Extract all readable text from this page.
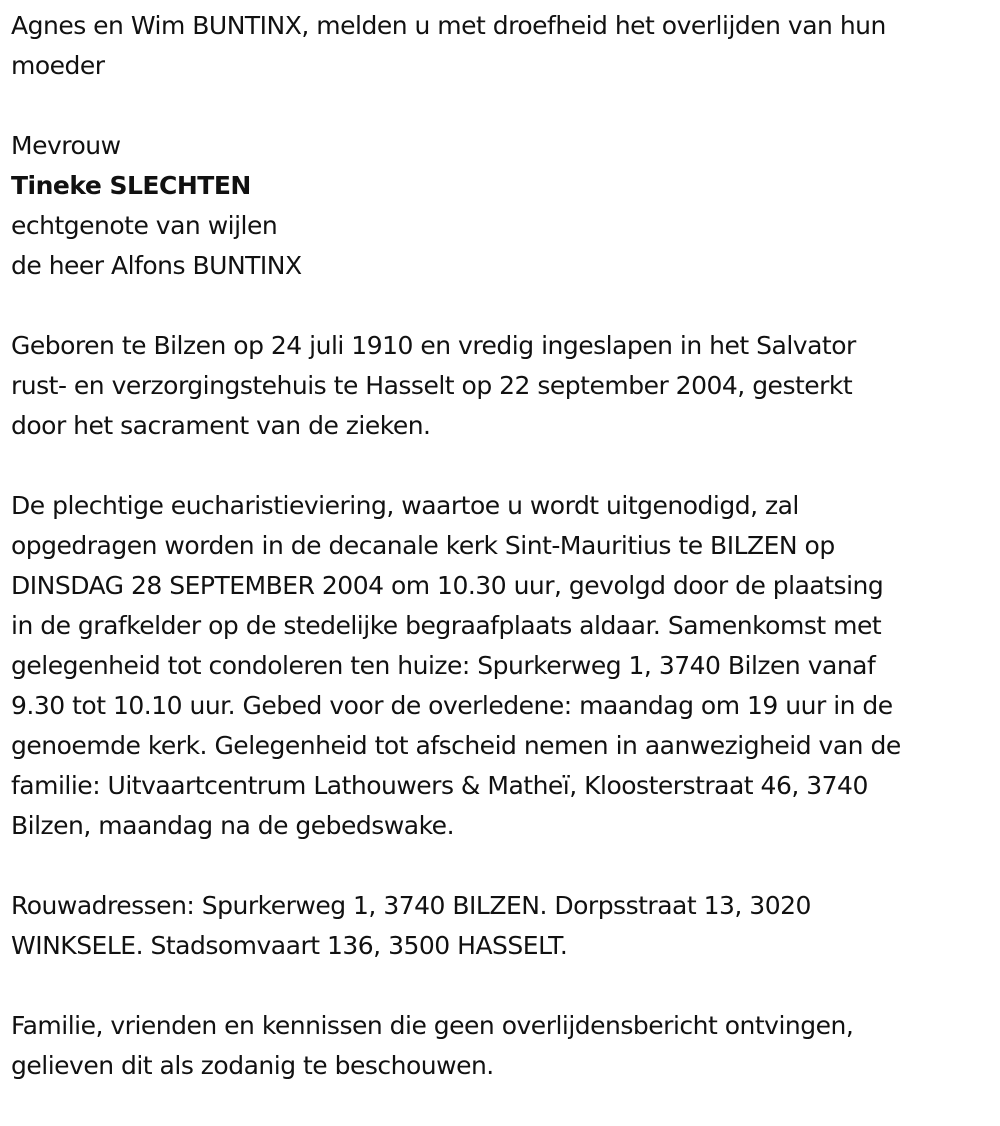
Agnes en Wim BUNTINX, melden u met droefheid het overlijden van hun
moeder

Mevrouw

Tineke SLECHTEN

echtgenote van wijlen

de heer Alfons BUNTINX

Geboren te Bilzen op 24 juli 1910 en vredig ingeslapen in het Salvator
rust- en verzorgingstehuis te Hasselt op 22 september 2004, gesterkt
door het sacrament van de zieken.

De plechtige eucharistieviering, waartoe u wordt uitgenodigd, zal
opgedragen worden in de decanale kerk Sint-Mauritius te BILZEN op
DINSDAG 28 SEPTEMBER 2004 om 10.30 uur, gevolgd door de plaatsing
in de grafkelder op de stedelijke begraafplaats aldaar. Samenkomst met
gelegenheid tot condoleren ten huize: Spurkerweg 1, 3740 Bilzen vanaf
9.30 tot 10.10 uur. Gebed voor de overledene: maandag om 19 uur in de
genoemde kerk. Gelegenheid tot afscheid nemen in aanwezigheid van de
familie: Uitvaartcentrum Lathouwers & Matheï, Kloosterstraat 46, 3740
Bilzen, maandag na de gebedswake.

Rouwadressen: Spurkerweg 1, 3740 BILZEN. Dorpsstraat 13, 3020
WINKSELE. Stadsomvaart 136, 3500 HASSELT.

Familie, vrienden en kennissen die geen overlijdensbericht ontvingen,
gelieven dit als zodanig te beschouwen.
